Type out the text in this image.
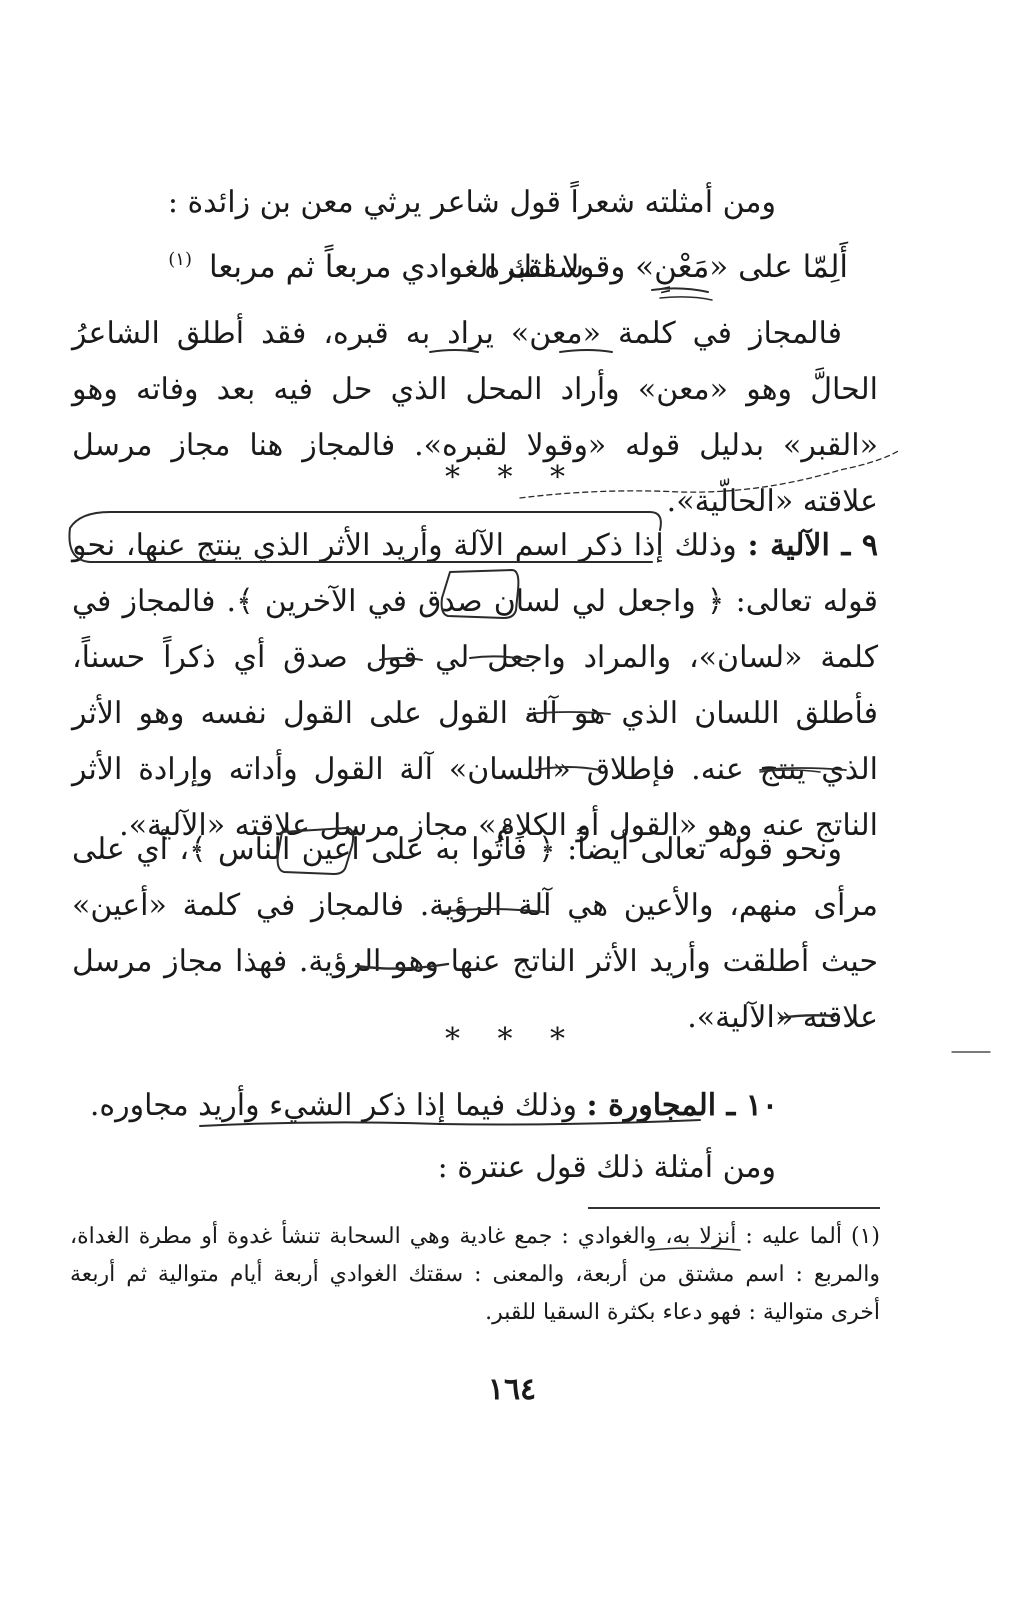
ومن أمثلته شعراً قول شاعر يرثي معن بن زائدة :
أَلِمّا على «مَعْنٍ» وقولا لقبره
سقتك الغوادي مربعاً ثم مربعا
(١)
فالمجاز في كلمة «معن» يراد به قبره، فقد أطلق الشاعرُ الحالَّ وهو «معن» وأراد المحل الذي حل فيه بعد وفاته وهو «القبر» بدليل قوله «وقولا لقبره». فالمجاز هنا مجاز مرسل علاقته «الحالّية».
* * *
٩ ـ الآلية : وذلك إذا ذكر اسم الآلة وأريد الأثر الذي ينتج عنها، نحو قوله تعالى: ﴿ واجعل لي لسان صدق في الآخرين ﴾. فالمجاز في كلمة «لسان»، والمراد واجعل لي قول صدق أي ذكراً حسناً، فأطلق اللسان الذي هو آلة القول على القول نفسه وهو الأثر الذي ينتج عنه. فإطلاق «اللسان» آلة القول وأداته وإرادة الأثر الناتج عنه وهو «القول أو الكلام» مجاز مرسل علاقته «الآلية».
ونحو قوله تعالى أيضاً: ﴿ فَأْتُوا به على أعين الناس ﴾، أي على مرأى منهم، والأعين هي آلة الرؤية. فالمجاز في كلمة «أعين» حيث أطلقت وأريد الأثر الناتج عنها وهو الرؤية. فهذا مجاز مرسل علاقته «الآلية».
* * *
١٠ ـ المجاورة : وذلك فيما إذا ذكر الشيء وأريد مجاوره.
ومن أمثلة ذلك قول عنترة :
(١) ألما عليه : أنزلا به، والغوادي : جمع غادية وهي السحابة تنشأ غدوة أو مطرة الغداة، والمربع : اسم مشتق من أربعة، والمعنى : سقتك الغوادي أربعة أيام متوالية ثم أربعة أخرى متوالية : فهو دعاء بكثرة السقيا للقبر.
١٦٤
